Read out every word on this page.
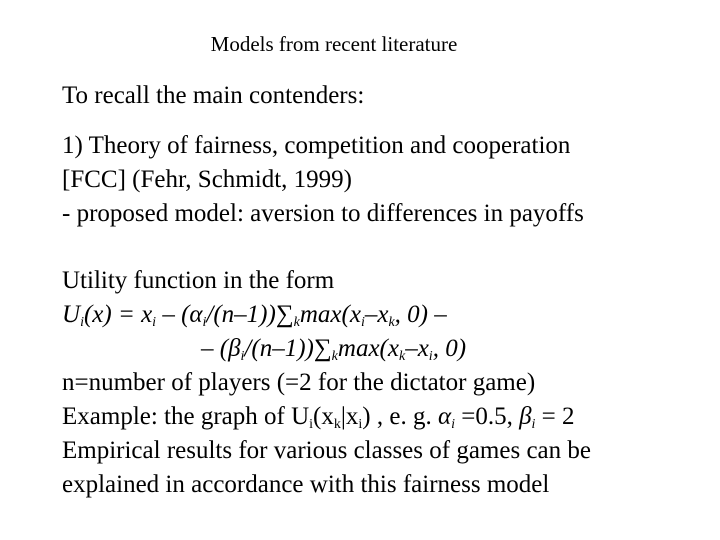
Models from recent literature
To recall the main contenders:
1) Theory of fairness, competition and cooperation
[FCC] (Fehr, Schmidt, 1999)
- proposed model: aversion to differences in payoffs
Utility function in the form
$U_i(x) = x_i - (\alpha_i/(n-1))\sum_k\max(x_i-x_k$, 0) –
– $(\beta_i/(n-1))\sum_k\max(x_k-x_i$, 0)
n=number of players (=2 for the dictator game)
Example: the graph of $U_i(x_k|x_i)$ , e. g. $\alpha_i =0.5$, $\beta_i = 2$
Empirical results for various classes of games can be
explained in accordance with this fairness model
